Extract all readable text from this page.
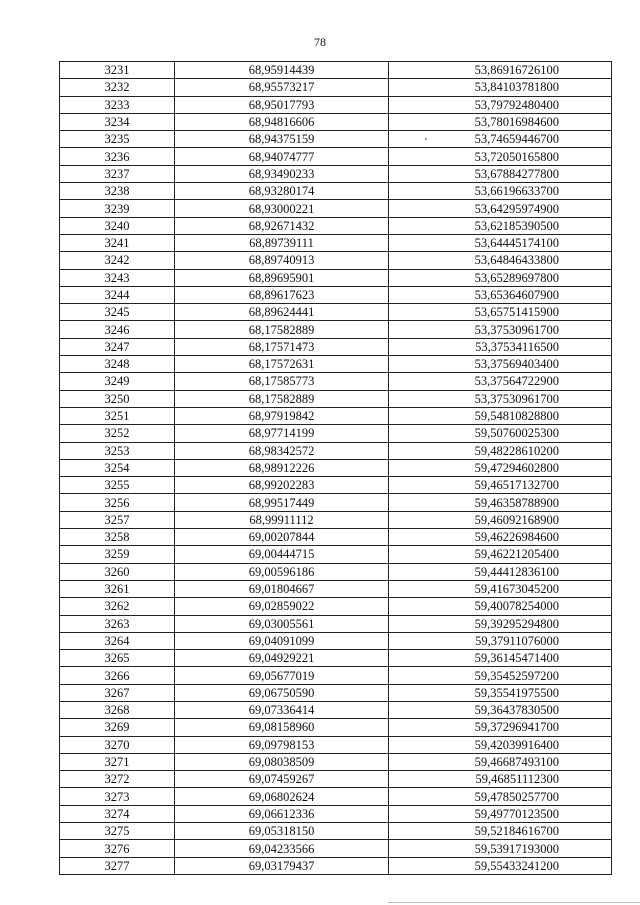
78
3231	68,95914439	53,86916726100
3232	68,95573217	53,84103781800
3233	68,95017793	53,79792480400
3234	68,94816606	53,78016984600
3235	68,94375159	53,74659446700
3236	68,94074777	53,72050165800
3237	68,93490233	53,67884277800
3238	68,93280174	53,66196633700
3239	68,93000221	53,64295974900
3240	68,92671432	53,62185390500
3241	68,89739111	53,64445174100
3242	68,89740913	53,64846433800
3243	68,89695901	53,65289697800
3244	68,89617623	53,65364607900
3245	68,89624441	53,65751415900
3246	68,17582889	53,37530961700
3247	68,17571473	53,37534116500
3248	68,17572631	53,37569403400
3249	68,17585773	53,37564722900
3250	68,17582889	53,37530961700
3251	68,97919842	59,54810828800
3252	68,97714199	59,50760025300
3253	68,98342572	59,48228610200
3254	68,98912226	59,47294602800
3255	68,99202283	59,46517132700
3256	68,99517449	59,46358788900
3257	68,99911112	59,46092168900
3258	69,00207844	59,46226984600
3259	69,00444715	59,46221205400
3260	69,00596186	59,44412836100
3261	69,01804667	59,41673045200
3262	69,02859022	59,40078254000
3263	69,03005561	59,39295294800
3264	69,04091099	59,37911076000
3265	69,04929221	59,36145471400
3266	69,05677019	59,35452597200
3267	69,06750590	59,35541975500
3268	69,07336414	59,36437830500
3269	69,08158960	59,37296941700
3270	69,09798153	59,42039916400
3271	69,08038509	59,46687493100
3272	69,07459267	59,46851112300
3273	69,06802624	59,47850257700
3274	69,06612336	59,49770123500
3275	69,05318150	59,52184616700
3276	69,04233566	59,53917193000
3277	69,03179437	59,55433241200
